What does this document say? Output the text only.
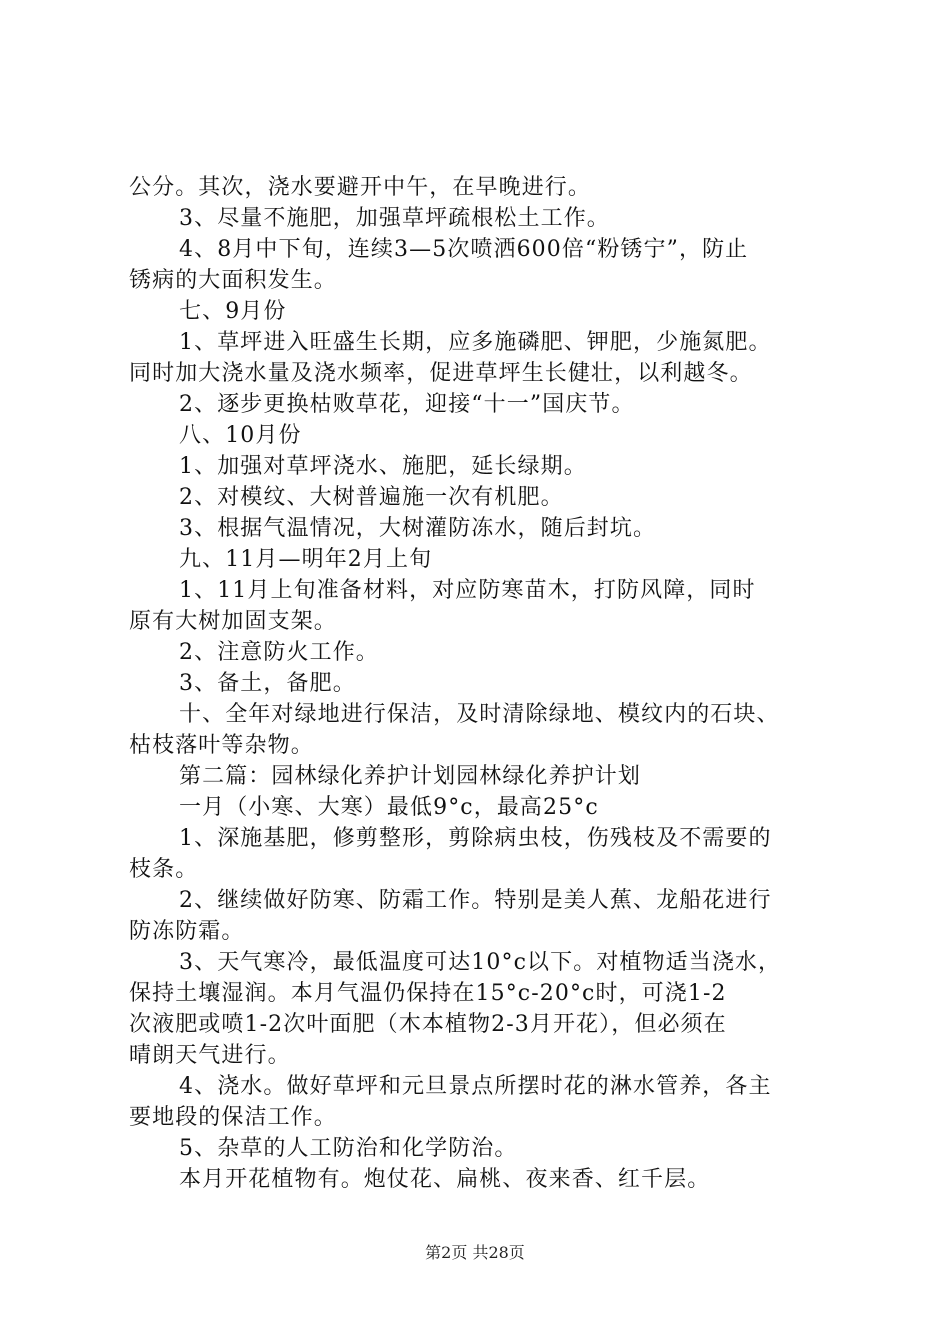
公分。其次，浇水要避开中午，在早晚进行。

3、尽量不施肥，加强草坪疏根松土工作。

4、8月中下旬，连续3—5次喷洒600倍“粉锈宁”，防止
锈病的大面积发生。

七、9月份

1、草坪进入旺盛生长期，应多施磷肥、钾肥，少施氮肥。
同时加大浇水量及浇水频率，促进草坪生长健壮，以利越冬。

2、逐步更换枯败草花，迎接“十一”国庆节。

八、10月份

1、加强对草坪浇水、施肥，延长绿期。

2、对模纹、大树普遍施一次有机肥。

3、根据气温情况，大树灌防冻水，随后封坑。

九、11月—明年2月上旬

1、11月上旬准备材料，对应防寒苗木，打防风障，同时
原有大树加固支架。

2、注意防火工作。

3、备土，备肥。

十、全年对绿地进行保洁，及时清除绿地、模纹内的石块、
枯枝落叶等杂物。

第二篇：园林绿化养护计划园林绿化养护计划

一月（小寒、大寒）最低9°c，最高25°c

1、深施基肥，修剪整形，剪除病虫枝，伤残枝及不需要的
枝条。

2、继续做好防寒、防霜工作。特别是美人蕉、龙船花进行
防冻防霜。

3、天气寒冷，最低温度可达10°c以下。对植物适当浇水，
保持土壤湿润。本月气温仍保持在15°c-20°c时，可浇1-2
次液肥或喷1-2次叶面肥（木本植物2-3月开花），但必须在
晴朗天气进行。

4、浇水。做好草坪和元旦景点所摆时花的淋水管养，各主
要地段的保洁工作。

5、杂草的人工防治和化学防治。

本月开花植物有。炮仗花、扁桃、夜来香、红千层。

第2页 共28页
